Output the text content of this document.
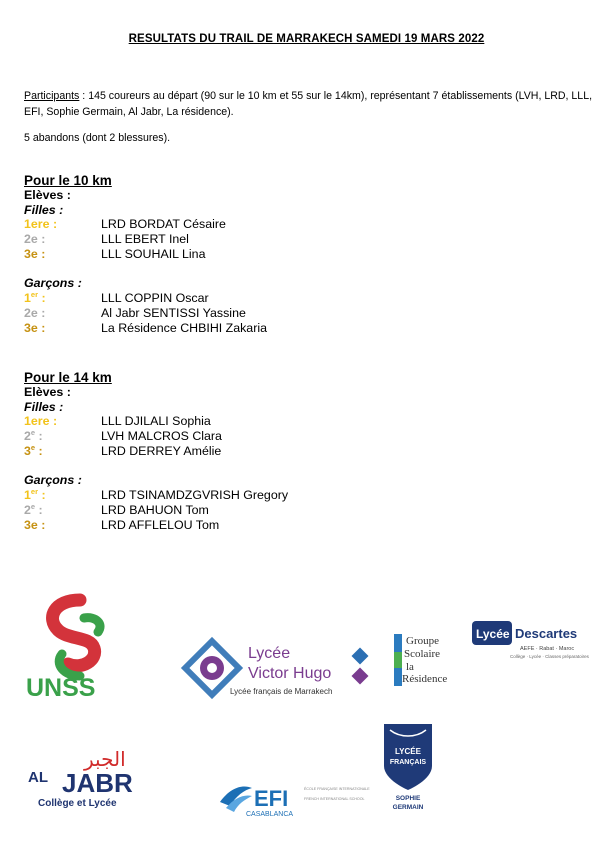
RESULTATS DU TRAIL DE MARRAKECH SAMEDI 19 MARS 2022
Participants : 145 coureurs au départ (90 sur le 10 km et 55 sur le 14km), représentant 7 établissements (LVH, LRD, LLL, EFI, Sophie Germain, Al Jabr, La résidence).
5 abandons (dont 2 blessures).
Pour le 10 km
Elèves :
Filles :
1ere :	LRD BORDAT Césaire
2e :	LLL EBERT Inel
3e :	LLL SOUHAIL Lina
Garçons :
1er :	LLL COPPIN Oscar
2e :	Al Jabr SENTISSI Yassine
3e :	La Résidence CHBIHI Zakaria
Pour le 14 km
Elèves :
Filles :
1ere :	LLL DJILALI Sophia
2e :	LVH MALCROS Clara
3e :	LRD DERREY Amélie
Garçons :
1er :	LRD TSINAMDZGVRISH Gregory
2e :	LRD BAHUON Tom
3e :	LRD AFFLELOU Tom
UNSS
Lycée
Victor Hugo
Lycée français de Marrakech
Groupe
Scolaire
la
Résidence
Lycée Descartes
AEFE · Rabat · Maroc
Collège · Lycée · Classes préparatoires
الجبر
AL JABR
Collège et Lycée	EFI
CASABLANCA
ÉCOLE FRANÇAISE INTERNATIONALE
FRENCH INTERNATIONAL SCHOOL
LYCÉE
FRANÇAIS
SOPHIE
GERMAIN
